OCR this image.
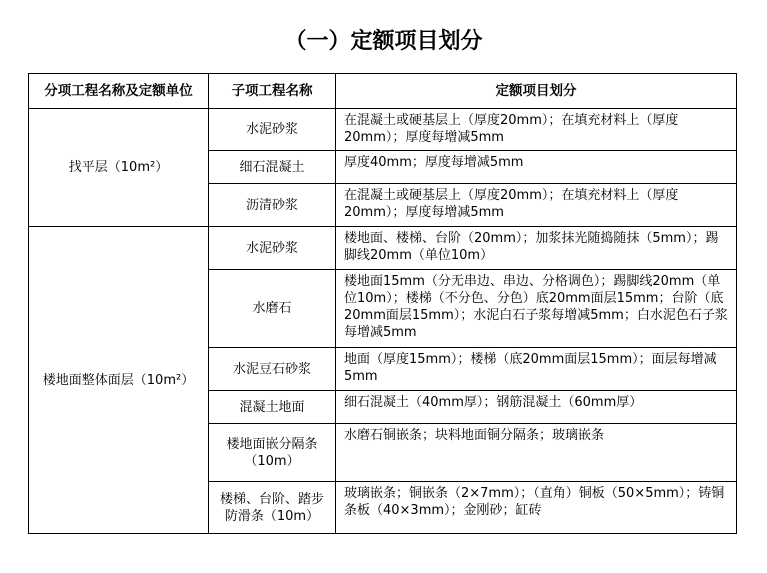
（一）定额项目划分
分项工程名称及定额单位	子项工程名称	定额项目划分
找平层（10m²）	水泥砂浆	在混凝土或硬基层上（厚度20mm）；在填充材料上（厚度20mm）；厚度每增减5mm
	细石混凝土	厚度40mm；厚度每增减5mm
	沥清砂浆	在混凝土或硬基层上（厚度20mm）；在填充材料上（厚度20mm）；厚度每增减5mm
楼地面整体面层（10m²）	水泥砂浆	楼地面、楼梯、台阶（20mm）；加浆抹光随捣随抹（5mm）；踢脚线20mm（单位10m）
	水磨石	楼地面15mm（分无串边、串边、分格调色）；踢脚线20mm（单位10m）；楼梯（不分色、分色）底20mm面层15mm；台阶（底20mm面层15mm）；水泥白石子浆每增减5mm；白水泥色石子浆每增减5mm
	水泥豆石砂浆	地面（厚度15mm）；楼梯（底20mm面层15mm）；面层每增减5mm
	混凝土地面	细石混凝土（40mm厚）；钢筋混凝土（60mm厚）
	楼地面嵌分隔条（10m）	水磨石铜嵌条；块料地面铜分隔条；玻璃嵌条
	楼梯、台阶、踏步防滑条（10m）	玻璃嵌条；铜嵌条（2×7mm）；（直角）铜板（50×5mm）；铸铜条板（40×3mm）；金刚砂；缸砖
